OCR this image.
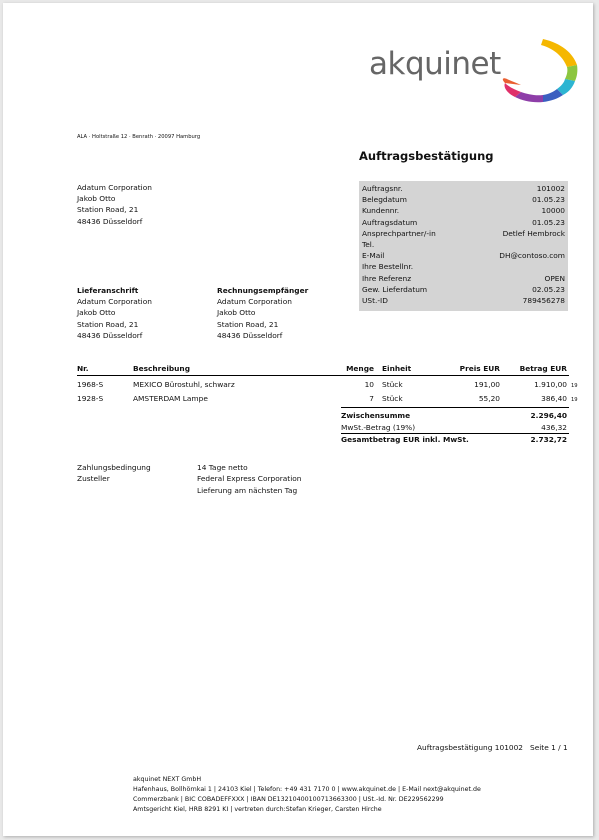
akquinet
ALA · Holtstraße 12 · Benrath · 20097 Hamburg
Auftragsbestätigung
Adatum Corporation
Jakob Otto
Station Road, 21
48436 Düsseldorf
Auftragsnr.	101002
Belegdatum	01.05.23
Kundennr.	10000
Auftragsdatum	01.05.23
Ansprechpartner/-in	Detlef Hembrock
Tel.
E-Mail	DH@contoso.com
Ihre Bestellnr.
Ihre Referenz	OPEN
Gew. Lieferdatum	02.05.23
USt.-ID	789456278
Lieferanschrift
Adatum Corporation
Jakob Otto
Station Road, 21
48436 Düsseldorf
Rechnungsempfänger
Adatum Corporation
Jakob Otto
Station Road, 21
48436 Düsseldorf
Nr.	Beschreibung	Menge Einheit	Preis EUR	Betrag EUR
1968-S	MEXICO Bürostuhl, schwarz	10 Stück	191,00	1.910,00 19
1928-S	AMSTERDAM Lampe	7 Stück	55,20	386,40 19
Zwischensumme	2.296,40
MwSt.-Betrag (19%)	436,32
Gesamtbetrag EUR inkl. MwSt.	2.732,72
Zahlungsbedingung	14 Tage netto
Zusteller	Federal Express Corporation
Lieferung am nächsten Tag
Auftragsbestätigung 101002 Seite 1 / 1
akquinet NEXT GmbH
Hafenhaus, Bollhörnkai 1 | 24103 Kiel | Telefon: +49 431 7170 0 | www.akquinet.de | E-Mail next@akquinet.de
Commerzbank | BIC COBADEFFXXX | IBAN DE13210400100713663300 | USt.-Id. Nr. DE229562299
Amtsgericht Kiel, HRB 8291 KI | vertreten durch:Stefan Krieger, Carsten Hirche
